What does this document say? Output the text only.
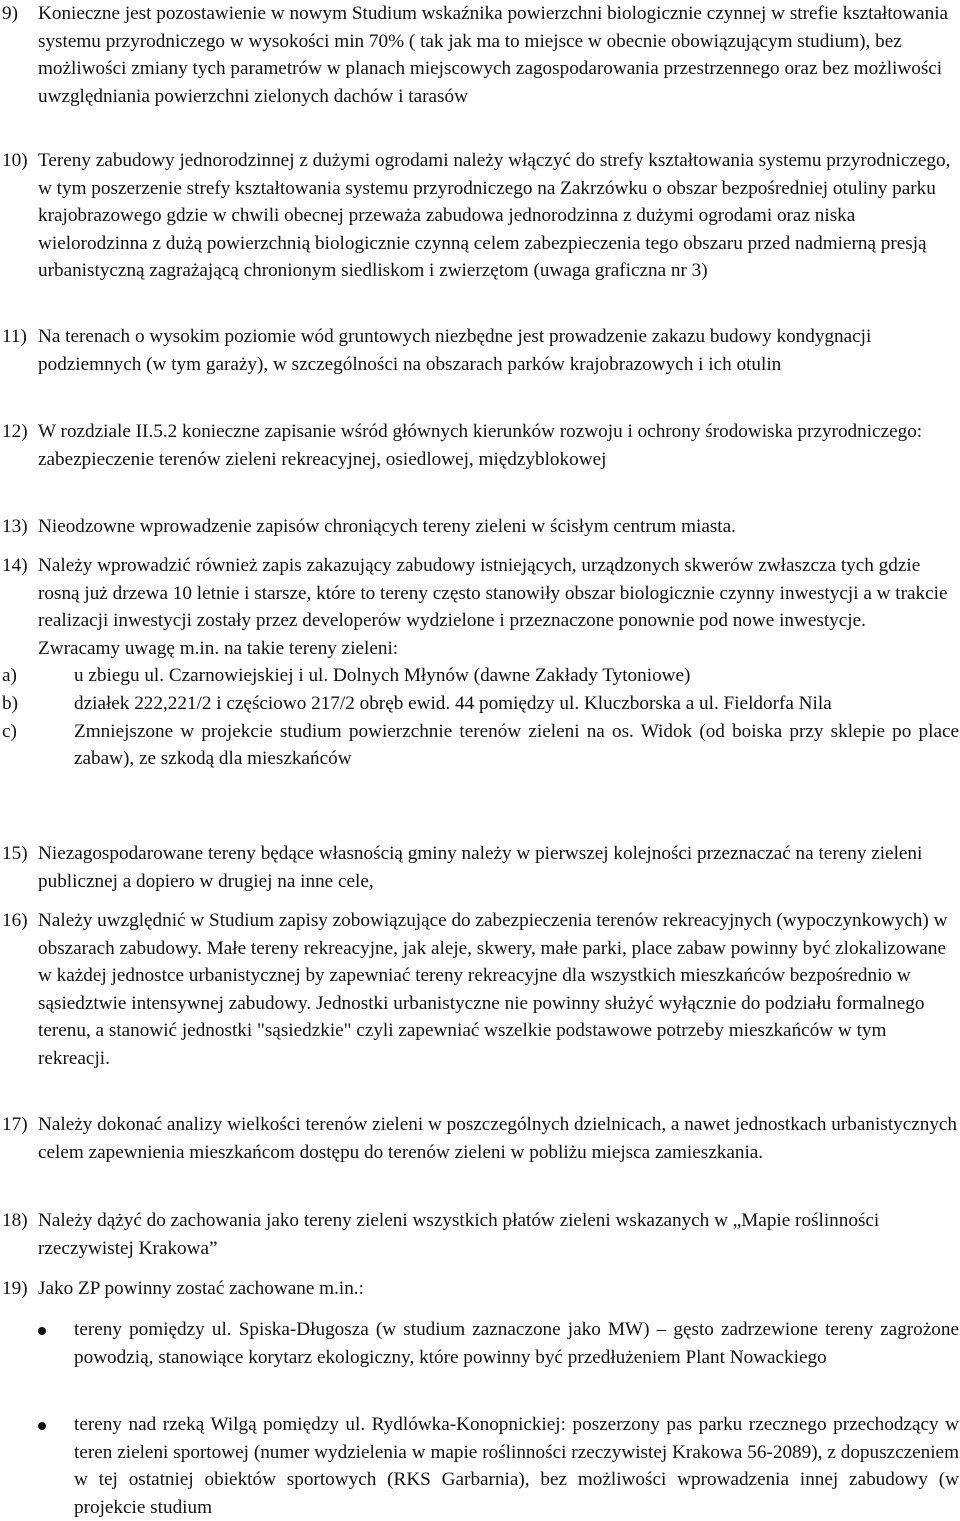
9) Konieczne jest pozostawienie w nowym Studium wskaźnika powierzchni biologicznie czynnej w strefie kształtowania systemu przyrodniczego w wysokości min 70% ( tak jak ma to miejsce w obecnie obowiązującym studium), bez możliwości zmiany tych parametrów w planach miejscowych zagospodarowania przestrzennego oraz bez możliwości uwzględniania powierzchni zielonych dachów i tarasów
10) Tereny zabudowy jednorodzinnej z dużymi ogrodami należy włączyć do strefy kształtowania systemu przyrodniczego, w tym poszerzenie strefy kształtowania systemu przyrodniczego na Zakrzówku o obszar bezpośredniej otuliny parku krajobrazowego gdzie w chwili obecnej przeważa zabudowa jednorodzinna z dużymi ogrodami oraz niska wielorodzinna z dużą powierzchnią biologicznie czynną celem zabezpieczenia tego obszaru przed nadmierną presją urbanistyczną zagrażającą chronionym siedliskom i zwierzętom (uwaga graficzna nr 3)
11) Na terenach o wysokim poziomie wód gruntowych niezbędne jest prowadzenie zakazu budowy kondygnacji podziemnych (w tym garaży), w szczególności na obszarach parków krajobrazowych i ich otulin
12) W rozdziale II.5.2 konieczne zapisanie wśród głównych kierunków rozwoju i ochrony środowiska przyrodniczego: zabezpieczenie terenów zieleni rekreacyjnej, osiedlowej, międzyblokowej
13) Nieodzowne wprowadzenie zapisów chroniących tereny zieleni w ścisłym centrum miasta.
14) Należy wprowadzić również zapis zakazujący zabudowy istniejących, urządzonych skwerów zwłaszcza tych gdzie rosną już drzewa 10 letnie i starsze, które to tereny często stanowiły obszar biologicznie czynny inwestycji a w trakcie realizacji inwestycji zostały przez developerów wydzielone i przeznaczone ponownie pod nowe inwestycje.
Zwracamy uwagę m.in. na takie tereny zieleni:
a)	u zbiegu ul. Czarnowiejskiej i ul. Dolnych Młynów (dawne Zakłady Tytoniowe)
b)	działek 222,221/2 i częściowo 217/2 obręb ewid. 44 pomiędzy ul. Kluczborska a ul. Fieldorfa Nila
c)	Zmniejszone w projekcie studium powierzchnie terenów zieleni na os. Widok (od boiska przy sklepie po place zabaw), ze szkodą dla mieszkańców
15) Niezagospodarowane tereny będące własnością gminy należy w pierwszej kolejności przeznaczać na tereny zieleni publicznej a dopiero w drugiej na inne cele,
16) Należy uwzględnić w Studium zapisy zobowiązujące do zabezpieczenia terenów rekreacyjnych (wypoczynkowych) w obszarach zabudowy. Małe tereny rekreacyjne, jak aleje, skwery, małe parki, place zabaw powinny być zlokalizowane w każdej jednostce urbanistycznej by zapewniać tereny rekreacyjne dla wszystkich mieszkańców bezpośrednio w sąsiedztwie intensywnej zabudowy. Jednostki urbanistyczne nie powinny służyć wyłącznie do podziału formalnego terenu, a stanowić jednostki "sąsiedzkie" czyli zapewniać wszelkie podstawowe potrzeby mieszkańców w tym rekreacji.
17) Należy dokonać analizy wielkości terenów zieleni w poszczególnych dzielnicach, a nawet jednostkach urbanistycznych celem zapewnienia mieszkańcom dostępu do terenów zieleni w pobliżu miejsca zamieszkania.
18) Należy dążyć do zachowania jako tereny zieleni wszystkich płatów zieleni wskazanych w „Mapie roślinności rzeczywistej Krakowa”
19) Jako ZP powinny zostać zachowane m.in.:
tereny pomiędzy ul. Spiska-Długosza (w studium zaznaczone jako MW) – gęsto zadrzewione tereny zagrożone powodzią, stanowiące korytarz ekologiczny, które powinny być przedłużeniem Plant Nowackiego
tereny nad rzeką Wilgą pomiędzy ul. Rydlówka-Konopnickiej: poszerzony pas parku rzecznego przechodzący w teren zieleni sportowej (numer wydzielenia w mapie roślinności rzeczywistej Krakowa 56-2089), z dopuszczeniem w tej ostatniej obiektów sportowych (RKS Garbarnia), bez możliwości wprowadzenia innej zabudowy (w projekcie studium
